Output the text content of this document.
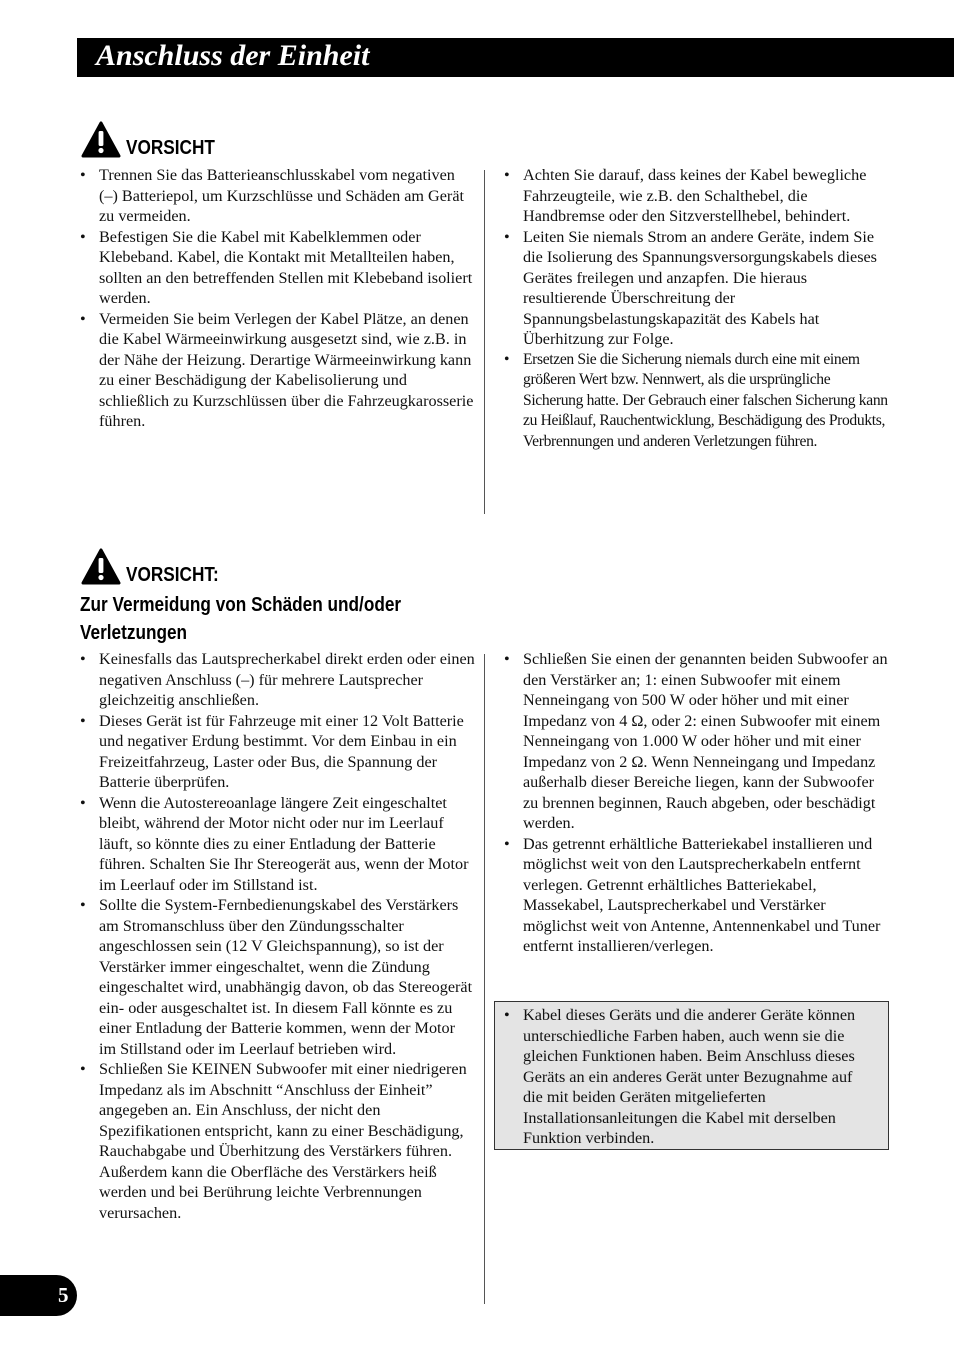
Anschluss der Einheit
VORSICHT
• Trennen Sie das Batterieanschlusskabel vom negativen (–) Batteriepol, um Kurzschlüsse und Schäden am Gerät zu vermeiden.
• Befestigen Sie die Kabel mit Kabelklemmen oder Klebeband. Kabel, die Kontakt mit Metallteilen haben, sollten an den betreffenden Stellen mit Klebeband isoliert werden.
• Vermeiden Sie beim Verlegen der Kabel Plätze, an denen die Kabel Wärmeeinwirkung ausgesetzt sind, wie z.B. in der Nähe der Heizung. Derartige Wärmeeinwirkung kann zu einer Beschädigung der Kabelisolierung und schließlich zu Kurzschlüssen über die Fahrzeugkarosserie führen.
• Achten Sie darauf, dass keines der Kabel bewegliche Fahrzeugteile, wie z.B. den Schalthebel, die Handbremse oder den Sitzverstellhebel, behindert.
• Leiten Sie niemals Strom an andere Geräte, indem Sie die Isolierung des Spannungsversorgungskabels dieses Gerätes freilegen und anzapfen. Die hieraus resultierende Überschreitung der Spannungsbelastungskapazität des Kabels hat Überhitzung zur Folge.
• Ersetzen Sie die Sicherung niemals durch eine mit einem größeren Wert bzw. Nennwert, als die ursprüngliche Sicherung hatte. Der Gebrauch einer falschen Sicherung kann zu Heißlauf, Rauchentwicklung, Beschädigung des Produkts, Verbrennungen und anderen Verletzungen führen.
VORSICHT:
Zur Vermeidung von Schäden und/oder
Verletzungen
• Keinesfalls das Lautsprecherkabel direkt erden oder einen negativen Anschluss (–) für mehrere Lautsprecher gleichzeitig anschließen.
• Dieses Gerät ist für Fahrzeuge mit einer 12 Volt Batterie und negativer Erdung bestimmt. Vor dem Einbau in ein Freizeitfahrzeug, Laster oder Bus, die Spannung der Batterie überprüfen.
• Wenn die Autostereoanlage längere Zeit eingeschaltet bleibt, während der Motor nicht oder nur im Leerlauf läuft, so könnte dies zu einer Entladung der Batterie führen. Schalten Sie Ihr Stereogerät aus, wenn der Motor im Leerlauf oder im Stillstand ist.
• Sollte die System-Fernbedienungskabel des Verstärkers am Stromanschluss über den Zündungsschalter angeschlossen sein (12 V Gleichspannung), so ist der Verstärker immer eingeschaltet, wenn die Zündung eingeschaltet wird, unabhängig davon, ob das Stereogerät ein- oder ausgeschaltet ist. In diesem Fall könnte es zu einer Entladung der Batterie kommen, wenn der Motor im Stillstand oder im Leerlauf betrieben wird.
• Schließen Sie KEINEN Subwoofer mit einer niedrigeren Impedanz als im Abschnitt “Anschluss der Einheit” angegeben an. Ein Anschluss, der nicht den Spezifikationen entspricht, kann zu einer Beschädigung, Rauchabgabe und Überhitzung des Verstärkers führen. Außerdem kann die Oberfläche des Verstärkers heiß werden und bei Berührung leichte Verbrennungen verursachen.
• Schließen Sie einen der genannten beiden Subwoofer an den Verstärker an; 1: einen Subwoofer mit einem Nenneingang von 500 W oder höher und mit einer Impedanz von 4 Ω, oder 2: einen Subwoofer mit einem Nenneingang von 1.000 W oder höher und mit einer Impedanz von 2 Ω. Wenn Nenneingang und Impedanz außerhalb dieser Bereiche liegen, kann der Subwoofer zu brennen beginnen, Rauch abgeben, oder beschädigt werden.
• Das getrennt erhältliche Batteriekabel installieren und möglichst weit von den Lautsprecherkabeln entfernt verlegen. Getrennt erhältliches Batteriekabel, Massekabel, Lautsprecherkabel und Verstärker möglichst weit von Antenne, Antennenkabel und Tuner entfernt installieren/verlegen.
• Kabel dieses Geräts und die anderer Geräte können unterschiedliche Farben haben, auch wenn sie die gleichen Funktionen haben. Beim Anschluss dieses Geräts an ein anderes Gerät unter Bezugnahme auf die mit beiden Geräten mitgelieferten Installationsanleitungen die Kabel mit derselben Funktion verbinden.
5
